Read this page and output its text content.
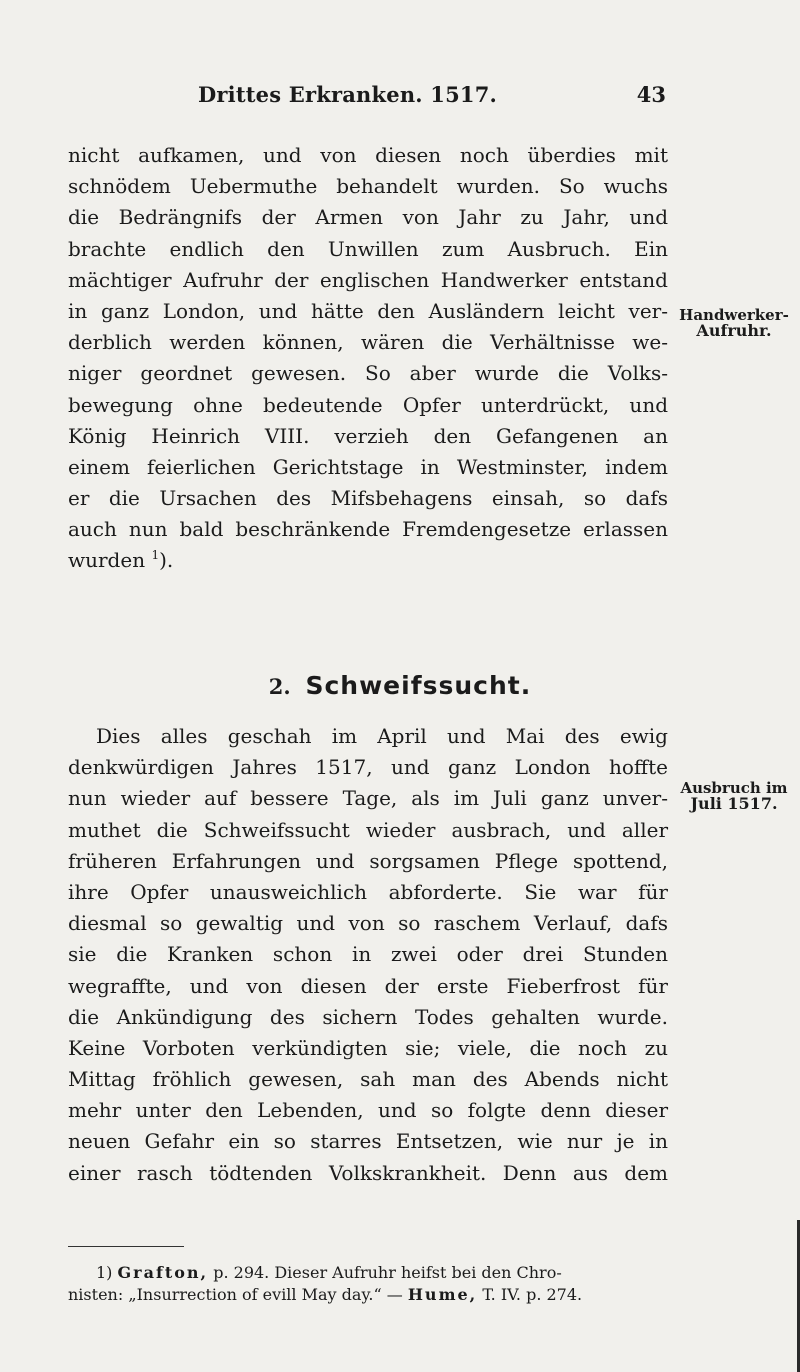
Drittes Erkranken. 1517.	43
nicht aufkamen, und von diesen noch überdies mit
schnödem Uebermuthe behandelt wurden. So wuchs
die Bedrängnifs der Armen von Jahr zu Jahr, und
brachte endlich den Unwillen zum Ausbruch. Ein
mächtiger Aufruhr der englischen Handwerker entstand
in ganz London, und hätte den Ausländern leicht ver-
derblich werden können, wären die Verhältnisse we-
niger geordnet gewesen. So aber wurde die Volks-
bewegung ohne bedeutende Opfer unterdrückt, und
König Heinrich VIII. verzieh den Gefangenen an
einem feierlichen Gerichtstage in Westminster, indem
er die Ursachen des Mifsbehagens einsah, so dafs
auch nun bald beschränkende Fremdengesetze erlassen
wurden $^1$).
Handwerker-
Aufruhr.
2. Schweifssucht.
Dies alles geschah im April und Mai des ewig
denkwürdigen Jahres 1517, und ganz London hoffte
nun wieder auf bessere Tage, als im Juli ganz unver-
muthet die Schweifssucht wieder ausbrach, und aller
früheren Erfahrungen und sorgsamen Pflege spottend,
ihre Opfer unausweichlich abforderte. Sie war für
diesmal so gewaltig und von so raschem Verlauf, dafs
sie die Kranken schon in zwei oder drei Stunden
wegraffte, und von diesen der erste Fieberfrost für
die Ankündigung des sichern Todes gehalten wurde.
Keine Vorboten verkündigten sie; viele, die noch zu
Mittag fröhlich gewesen, sah man des Abends nicht
mehr unter den Lebenden, und so folgte denn dieser
neuen Gefahr ein so starres Entsetzen, wie nur je in
einer rasch tödtenden Volkskrankheit. Denn aus dem
Ausbruch im
Juli 1517.
1) Grafton, p. 294. Dieser Aufruhr heifst bei den Chro-
nisten: „Insurrection of evill May day.“ — Hume, T. IV. p. 274.
